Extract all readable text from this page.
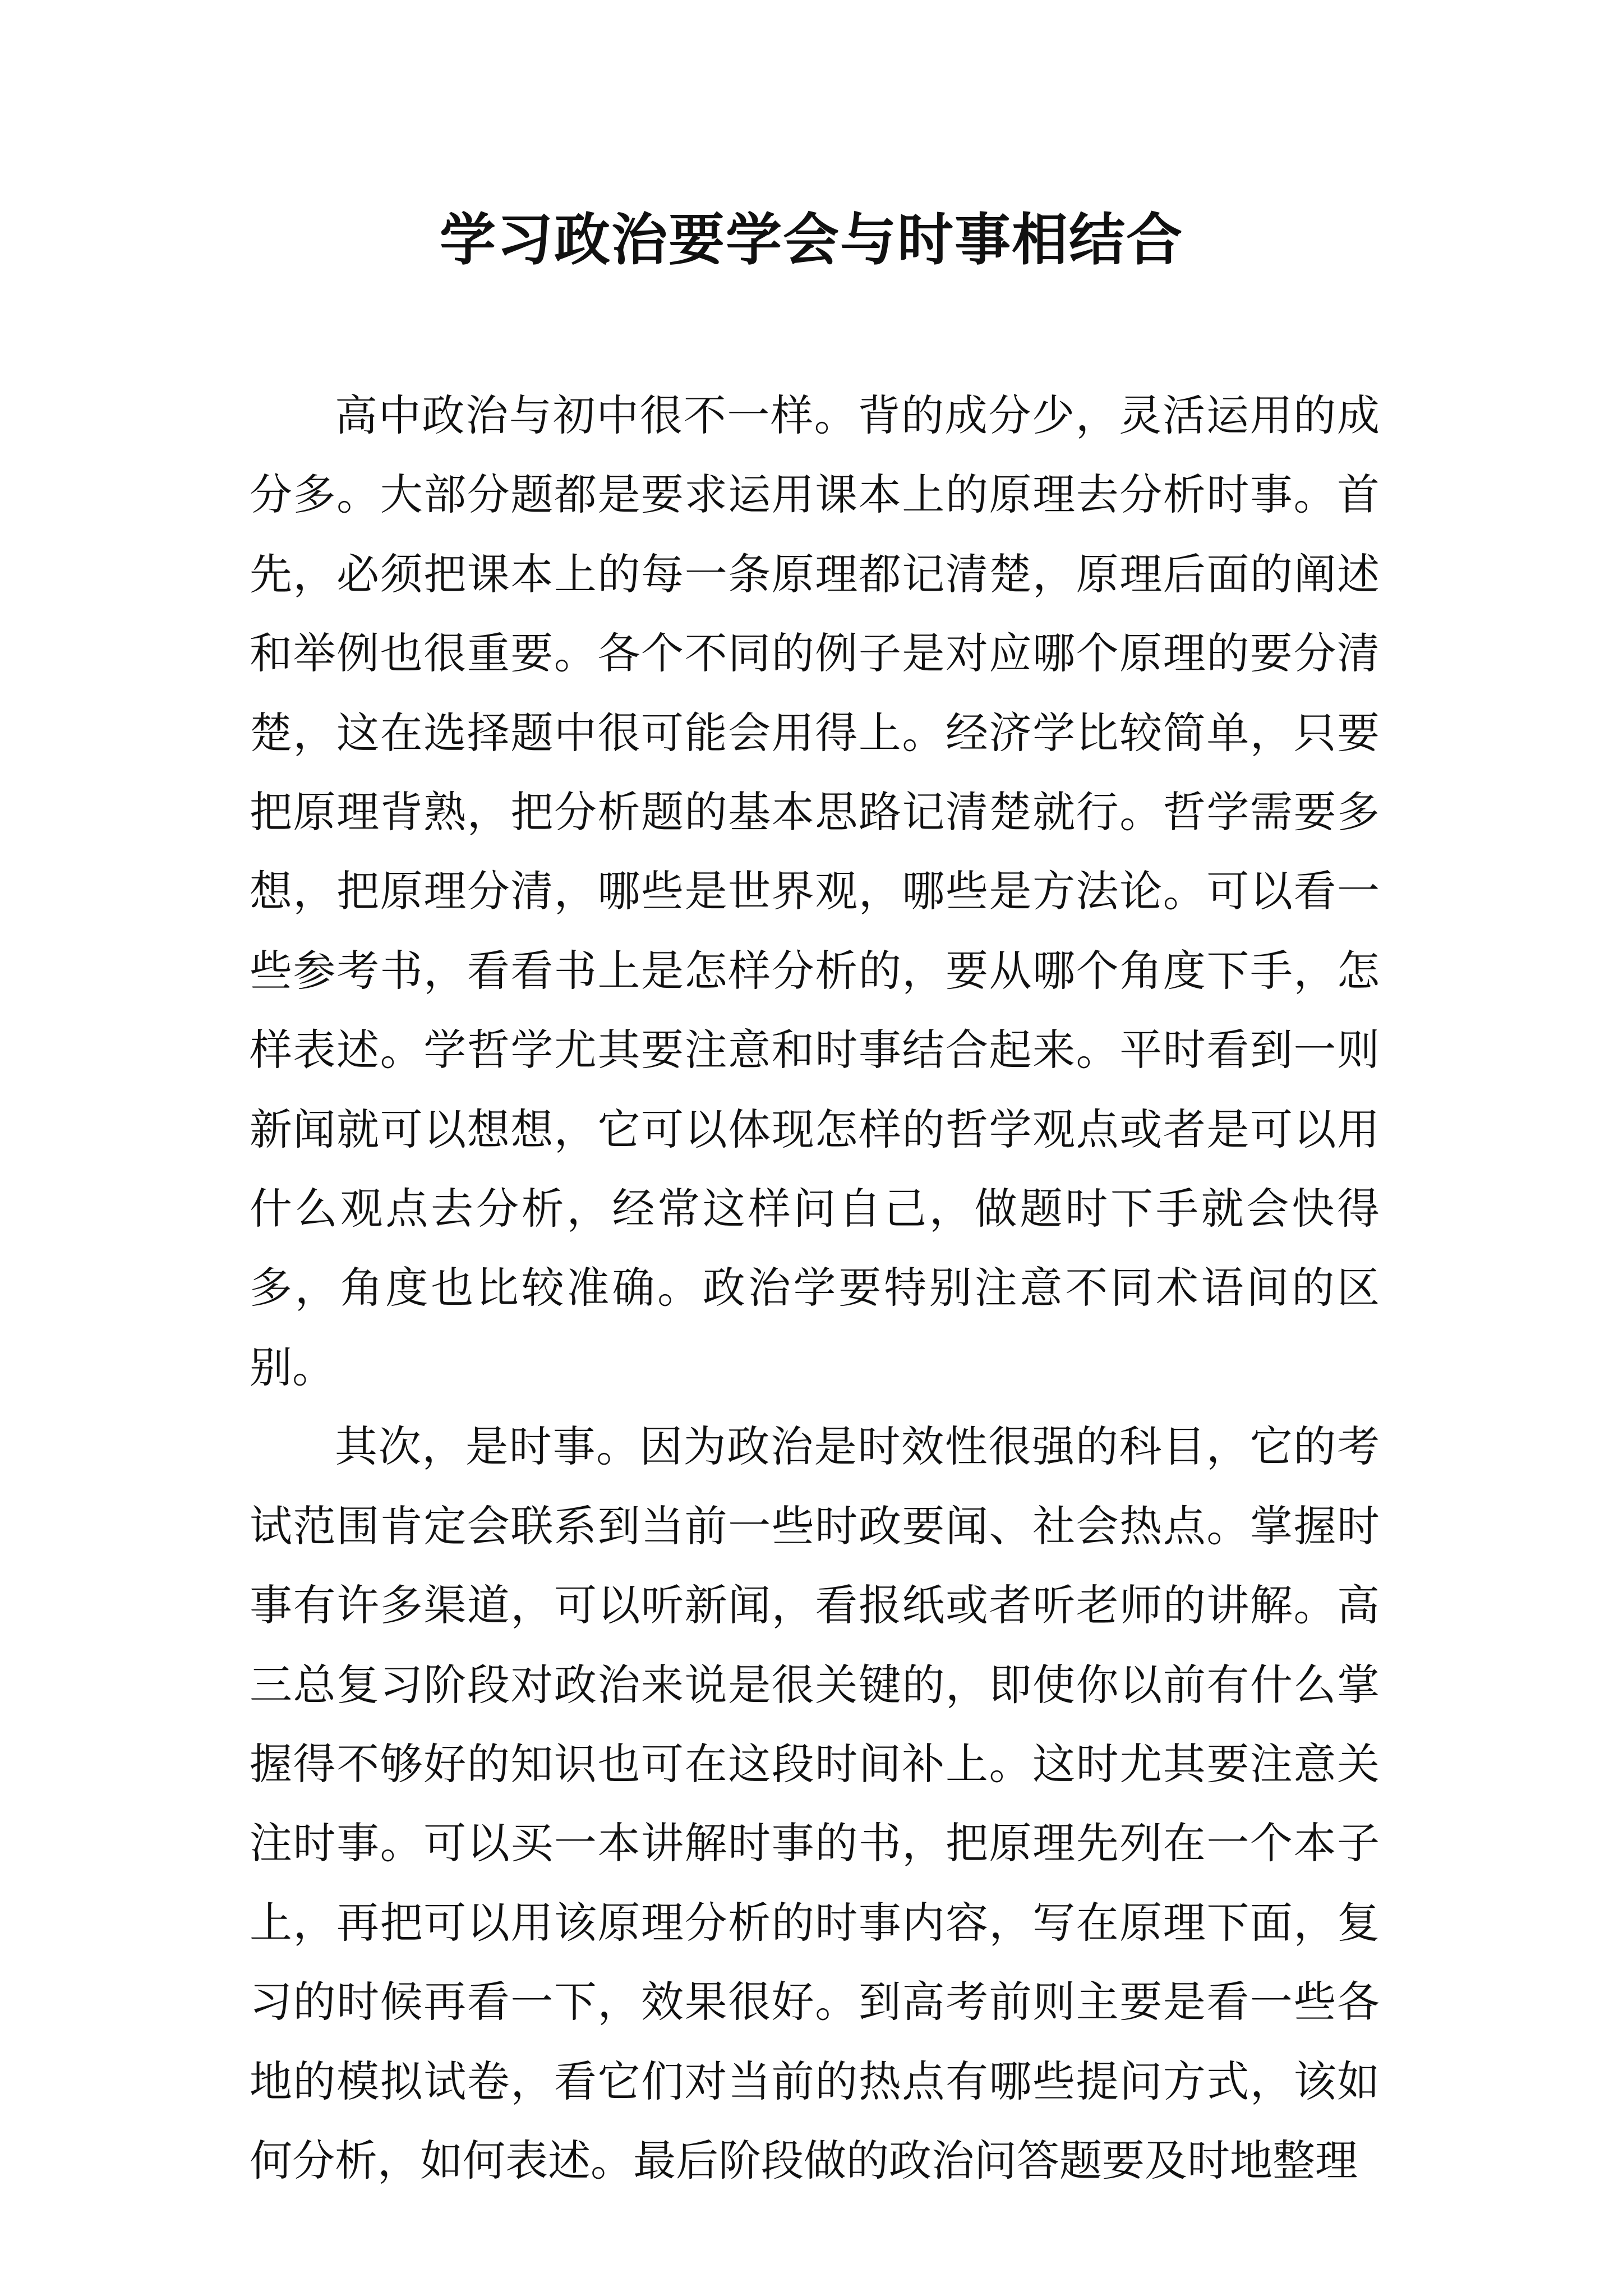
学习政治要学会与时事相结合

高中政治与初中很不一样。背的成分少，灵活运用的成分多。大部分题都是要求运用课本上的原理去分析时事。首先，必须把课本上的每一条原理都记清楚，原理后面的阐述和举例也很重要。各个不同的例子是对应哪个原理的要分清楚，这在选择题中很可能会用得上。经济学比较简单，只要把原理背熟，把分析题的基本思路记清楚就行。哲学需要多想，把原理分清，哪些是世界观，哪些是方法论。可以看一些参考书，看看书上是怎样分析的，要从哪个角度下手，怎样表述。学哲学尤其要注意和时事结合起来。平时看到一则新闻就可以想想，它可以体现怎样的哲学观点或者是可以用什么观点去分析，经常这样问自己，做题时下手就会快得多，角度也比较准确。政治学要特别注意不同术语间的区别。

其次，是时事。因为政治是时效性很强的科目，它的考试范围肯定会联系到当前一些时政要闻、社会热点。掌握时事有许多渠道，可以听新闻，看报纸或者听老师的讲解。高三总复习阶段对政治来说是很关键的，即使你以前有什么掌握得不够好的知识也可在这段时间补上。这时尤其要注意关注时事。可以买一本讲解时事的书，把原理先列在一个本子上，再把可以用该原理分析的时事内容，写在原理下面，复习的时候再看一下，效果很好。到高考前则主要是看一些各地的模拟试卷，看它们对当前的热点有哪些提问方式，该如何分析，如何表述。最后阶段做的政治问答题要及时地整理
